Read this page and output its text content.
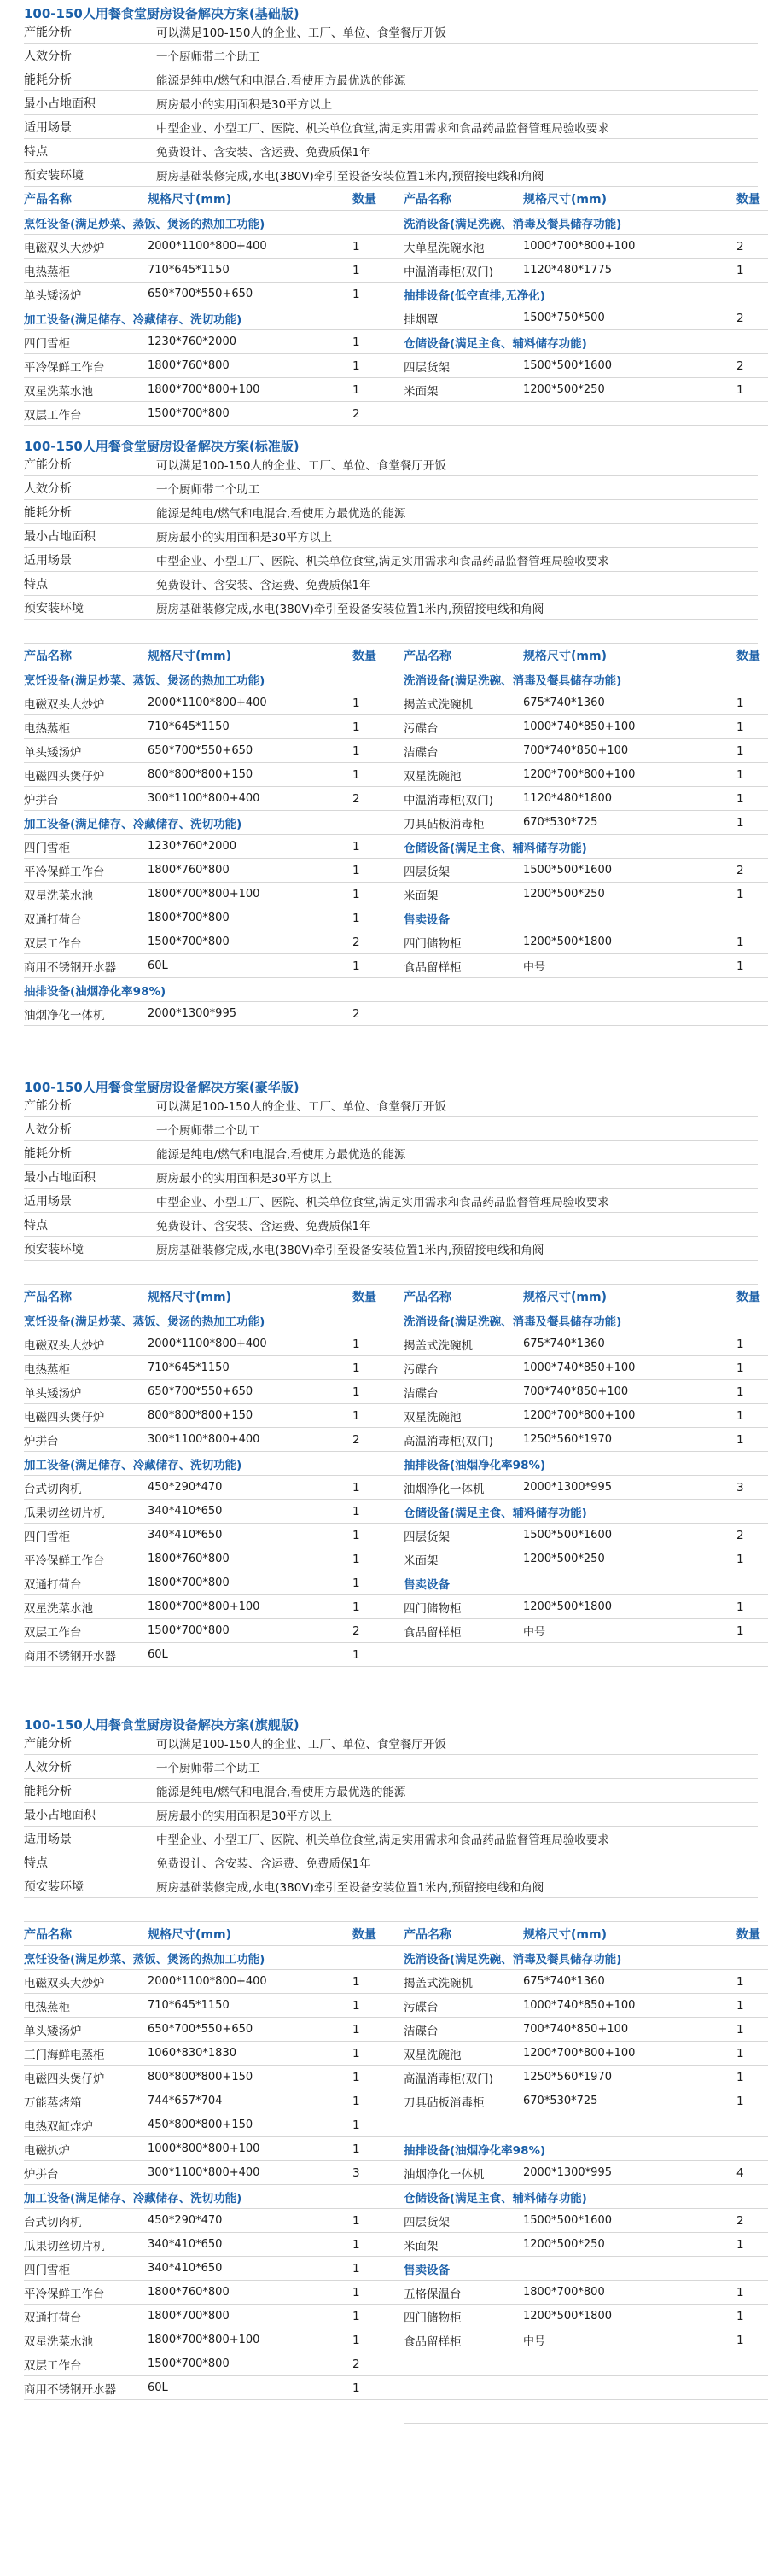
100-150人用餐食堂厨房设备解决方案(基础版)
产能分析	可以满足100-150人的企业、工厂、单位、食堂餐厅开饭
人效分析	一个厨师带二个助工
能耗分析	能源是纯电/燃气和电混合,看使用方最优选的能源
最小占地面积	厨房最小的实用面积是30平方以上
适用场景	中型企业、小型工厂、医院、机关单位食堂,满足实用需求和食品药品监督管理局验收要求
特点	免费设计、含安装、含运费、免费质保1年
预安装环境	厨房基础装修完成,水电(380V)牵引至设备安装位置1米内,预留接电线和角阀
产品名称	规格尺寸(mm)	数量
烹饪设备(满足炒菜、蒸饭、煲汤的热加工功能)
电磁双头大炒炉	2000*1100*800+400	1
电热蒸柜	710*645*1150	1
单头矮汤炉	650*700*550+650	1
加工设备(满足储存、冷藏储存、洗切功能)
四门雪柜	1230*760*2000	1
平冷保鲜工作台	1800*760*800	1
双星洗菜水池	1800*700*800+100	1
双层工作台	1500*700*800	2
产品名称	规格尺寸(mm)	数量
洗消设备(满足洗碗、消毒及餐具储存功能)
大单星洗碗水池	1000*700*800+100	2
中温消毒柜(双门)	1120*480*1775	1
抽排设备(低空直排,无净化)
排烟罩	1500*750*500	2
仓储设备(满足主食、辅料储存功能)
四层货架	1500*500*1600	2
米面架	1200*500*250	1
100-150人用餐食堂厨房设备解决方案(标准版)
产能分析	可以满足100-150人的企业、工厂、单位、食堂餐厅开饭
人效分析	一个厨师带二个助工
能耗分析	能源是纯电/燃气和电混合,看使用方最优选的能源
最小占地面积	厨房最小的实用面积是30平方以上
适用场景	中型企业、小型工厂、医院、机关单位食堂,满足实用需求和食品药品监督管理局验收要求
特点	免费设计、含安装、含运费、免费质保1年
预安装环境	厨房基础装修完成,水电(380V)牵引至设备安装位置1米内,预留接电线和角阀
产品名称	规格尺寸(mm)	数量
烹饪设备(满足炒菜、蒸饭、煲汤的热加工功能)
电磁双头大炒炉	2000*1100*800+400	1
电热蒸柜	710*645*1150	1
单头矮汤炉	650*700*550+650	1
电磁四头煲仔炉	800*800*800+150	1
炉拼台	300*1100*800+400	2
加工设备(满足储存、冷藏储存、洗切功能)
四门雪柜	1230*760*2000	1
平冷保鲜工作台	1800*760*800	1
双星洗菜水池	1800*700*800+100	1
双通打荷台	1800*700*800	1
双层工作台	1500*700*800	2
商用不锈钢开水器	60L	1
抽排设备(油烟净化率98%)
油烟净化一体机	2000*1300*995	2
产品名称	规格尺寸(mm)	数量
洗消设备(满足洗碗、消毒及餐具储存功能)
揭盖式洗碗机	675*740*1360	1
污碟台	1000*740*850+100	1
洁碟台	700*740*850+100	1
双星洗碗池	1200*700*800+100	1
中温消毒柜(双门)	1120*480*1800	1
刀具砧板消毒柜	670*530*725	1
仓储设备(满足主食、辅料储存功能)
四层货架	1500*500*1600	2
米面架	1200*500*250	1
售卖设备
四门储物柜	1200*500*1800	1
食品留样柜	中号	1
100-150人用餐食堂厨房设备解决方案(豪华版)
产能分析	可以满足100-150人的企业、工厂、单位、食堂餐厅开饭
人效分析	一个厨师带二个助工
能耗分析	能源是纯电/燃气和电混合,看使用方最优选的能源
最小占地面积	厨房最小的实用面积是30平方以上
适用场景	中型企业、小型工厂、医院、机关单位食堂,满足实用需求和食品药品监督管理局验收要求
特点	免费设计、含安装、含运费、免费质保1年
预安装环境	厨房基础装修完成,水电(380V)牵引至设备安装位置1米内,预留接电线和角阀
产品名称	规格尺寸(mm)	数量
烹饪设备(满足炒菜、蒸饭、煲汤的热加工功能)
电磁双头大炒炉	2000*1100*800+400	1
电热蒸柜	710*645*1150	1
单头矮汤炉	650*700*550+650	1
电磁四头煲仔炉	800*800*800+150	1
炉拼台	300*1100*800+400	2
加工设备(满足储存、冷藏储存、洗切功能)
台式切肉机	450*290*470	1
瓜果切丝切片机	340*410*650	1
四门雪柜	340*410*650	1
平冷保鲜工作台	1800*760*800	1
双通打荷台	1800*700*800	1
双星洗菜水池	1800*700*800+100	1
双层工作台	1500*700*800	2
商用不锈钢开水器	60L	1
产品名称	规格尺寸(mm)	数量
洗消设备(满足洗碗、消毒及餐具储存功能)
揭盖式洗碗机	675*740*1360	1
污碟台	1000*740*850+100	1
洁碟台	700*740*850+100	1
双星洗碗池	1200*700*800+100	1
高温消毒柜(双门)	1250*560*1970	1
抽排设备(油烟净化率98%)
油烟净化一体机	2000*1300*995	3
仓储设备(满足主食、辅料储存功能)
四层货架	1500*500*1600	2
米面架	1200*500*250	1
售卖设备
四门储物柜	1200*500*1800	1
食品留样柜	中号	1
100-150人用餐食堂厨房设备解决方案(旗舰版)
产能分析	可以满足100-150人的企业、工厂、单位、食堂餐厅开饭
人效分析	一个厨师带二个助工
能耗分析	能源是纯电/燃气和电混合,看使用方最优选的能源
最小占地面积	厨房最小的实用面积是30平方以上
适用场景	中型企业、小型工厂、医院、机关单位食堂,满足实用需求和食品药品监督管理局验收要求
特点	免费设计、含安装、含运费、免费质保1年
预安装环境	厨房基础装修完成,水电(380V)牵引至设备安装位置1米内,预留接电线和角阀
产品名称	规格尺寸(mm)	数量
烹饪设备(满足炒菜、蒸饭、煲汤的热加工功能)
电磁双头大炒炉	2000*1100*800+400	1
电热蒸柜	710*645*1150	1
单头矮汤炉	650*700*550+650	1
三门海鲜电蒸柜	1060*830*1830	1
电磁四头煲仔炉	800*800*800+150	1
万能蒸烤箱	744*657*704	1
电热双缸炸炉	450*800*800+150	1
电磁扒炉	1000*800*800+100	1
炉拼台	300*1100*800+400	3
加工设备(满足储存、冷藏储存、洗切功能)
台式切肉机	450*290*470	1
瓜果切丝切片机	340*410*650	1
四门雪柜	340*410*650	1
平冷保鲜工作台	1800*760*800	1
双通打荷台	1800*700*800	1
双星洗菜水池	1800*700*800+100	1
双层工作台	1500*700*800	2
商用不锈钢开水器	60L	1
产品名称	规格尺寸(mm)	数量
洗消设备(满足洗碗、消毒及餐具储存功能)
揭盖式洗碗机	675*740*1360	1
污碟台	1000*740*850+100	1
洁碟台	700*740*850+100	1
双星洗碗池	1200*700*800+100	1
高温消毒柜(双门)	1250*560*1970	1
刀具砧板消毒柜	670*530*725	1
抽排设备(油烟净化率98%)
油烟净化一体机	2000*1300*995	4
仓储设备(满足主食、辅料储存功能)
四层货架	1500*500*1600	2
米面架	1200*500*250	1
售卖设备
五格保温台	1800*700*800	1
四门储物柜	1200*500*1800	1
食品留样柜	中号	1
